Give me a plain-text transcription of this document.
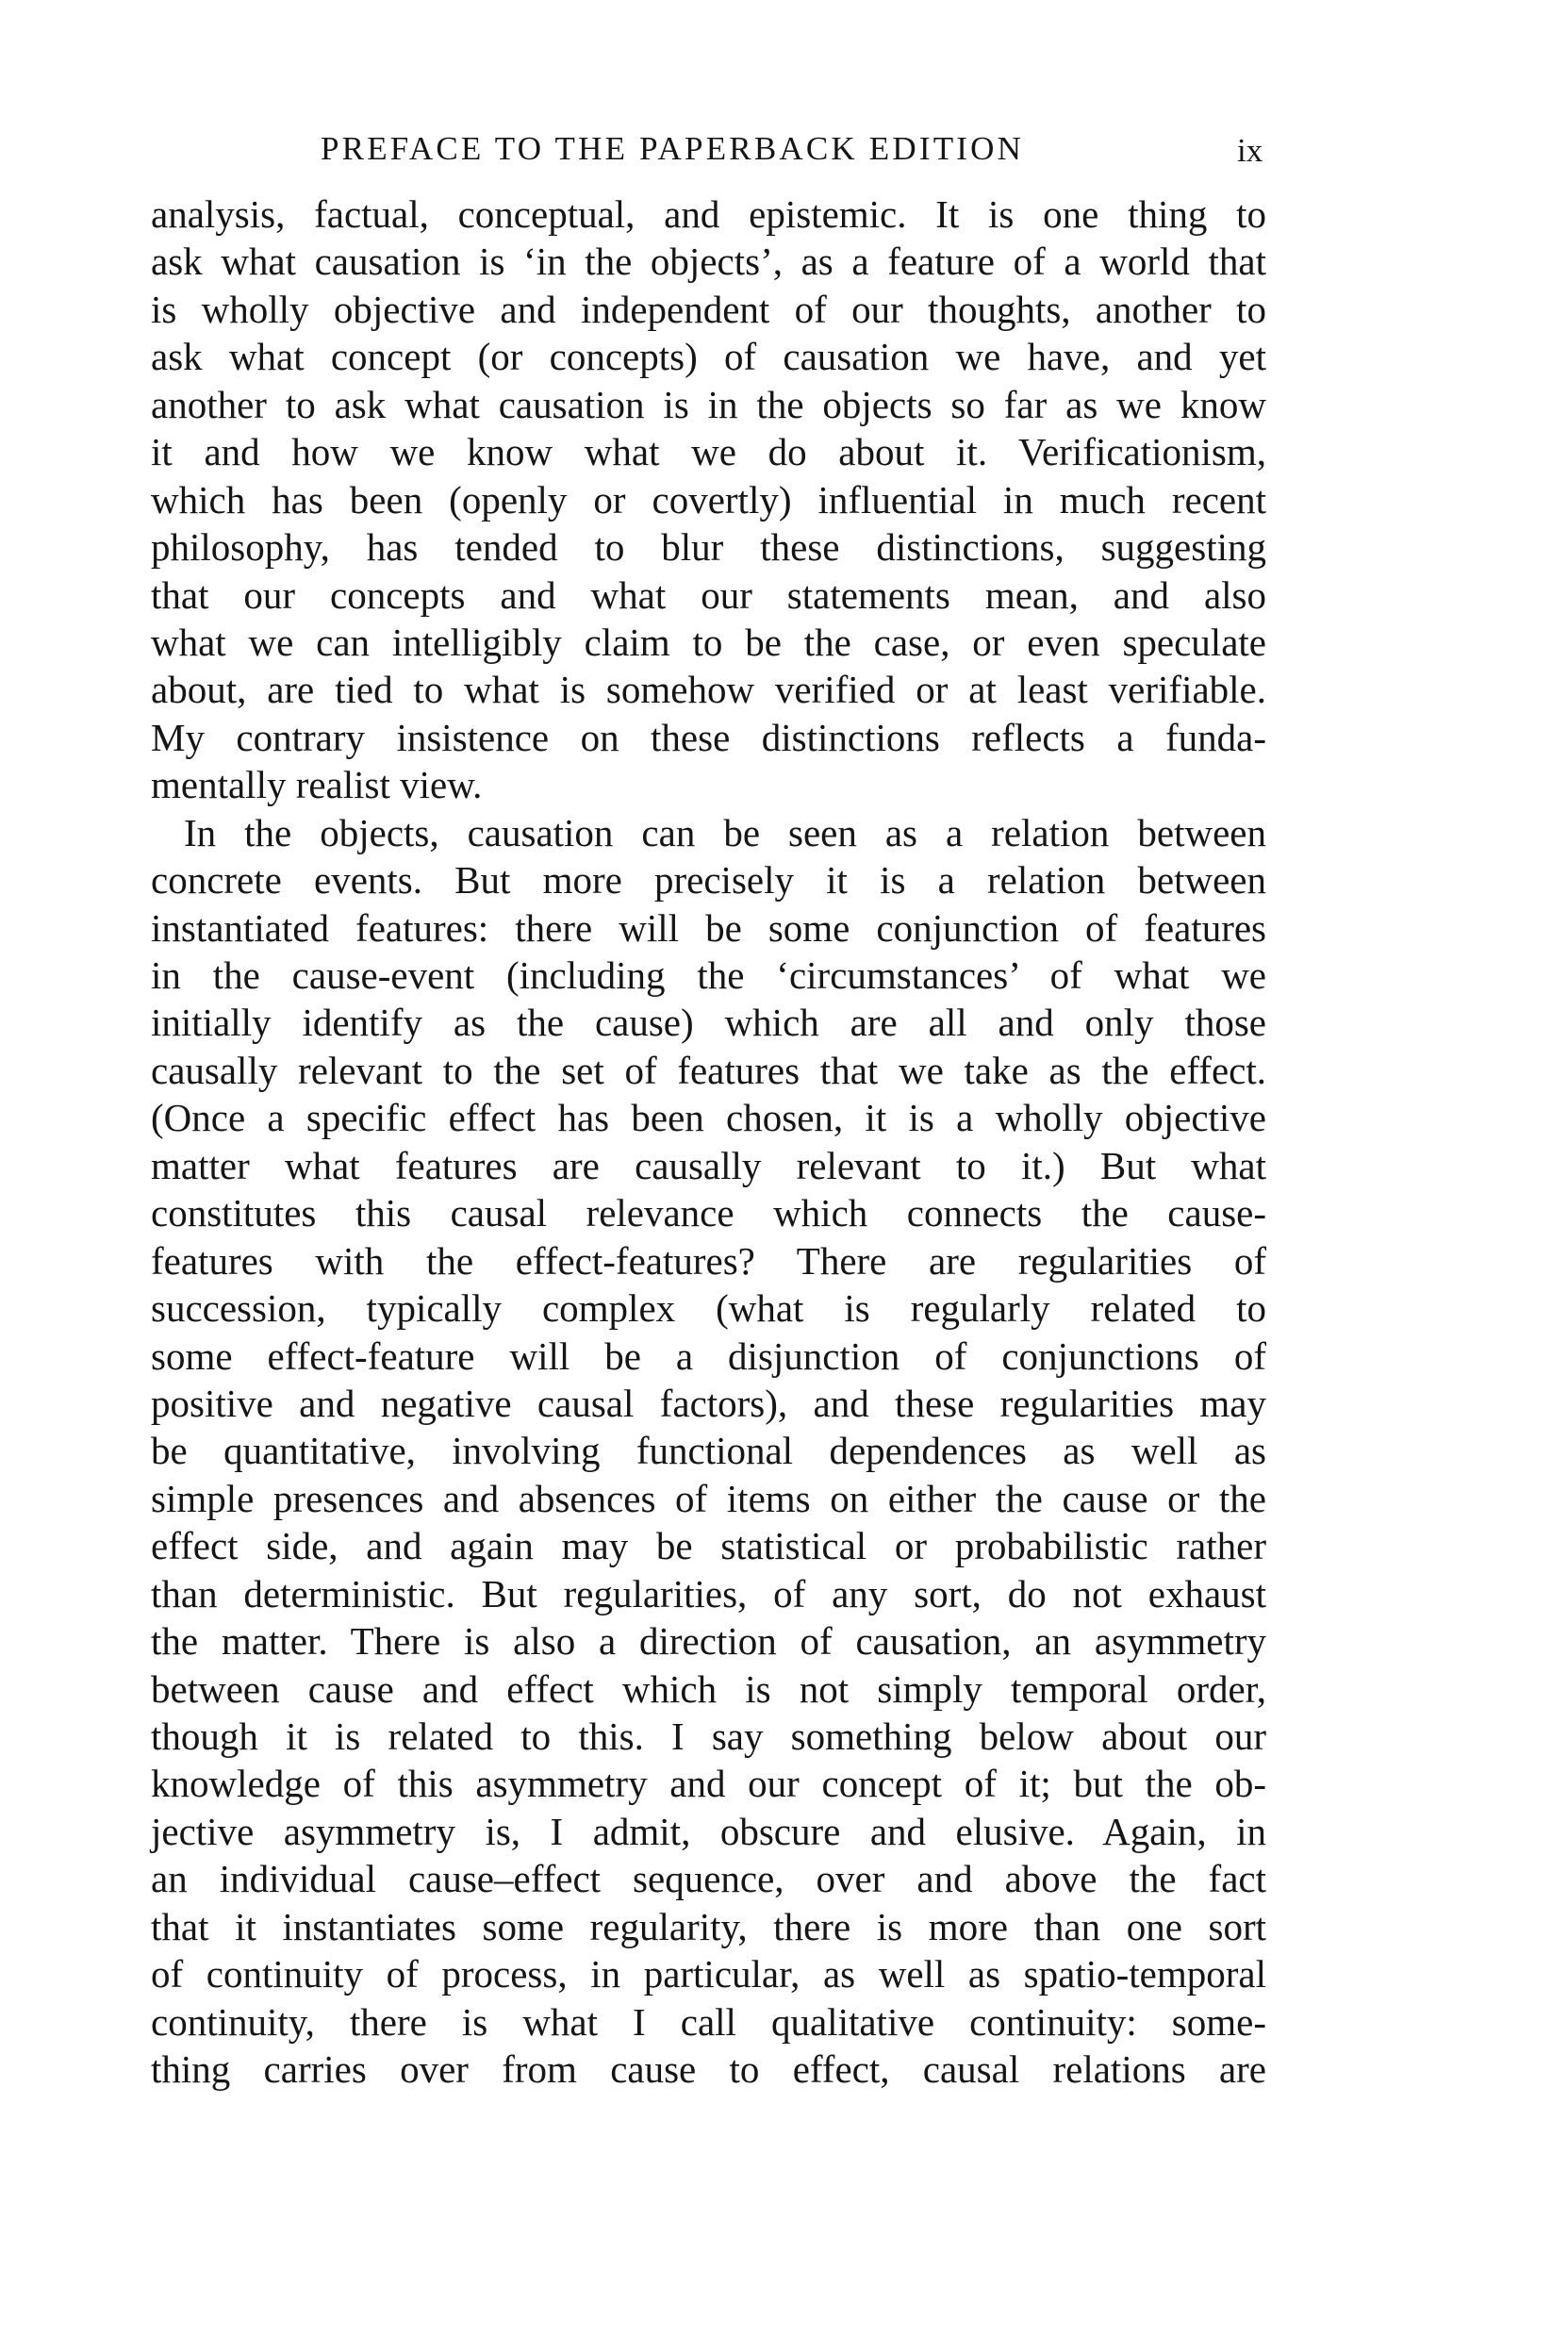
PREFACE TO THE PAPERBACK EDITION	ix
analysis, factual, conceptual, and epistemic. It is one thing to
ask what causation is ‘in the objects’, as a feature of a world that
is wholly objective and independent of our thoughts, another to
ask what concept (or concepts) of causation we have, and yet
another to ask what causation is in the objects so far as we know
it and how we know what we do about it. Verificationism,
which has been (openly or covertly) influential in much recent
philosophy, has tended to blur these distinctions, suggesting
that our concepts and what our statements mean, and also
what we can intelligibly claim to be the case, or even speculate
about, are tied to what is somehow verified or at least verifiable.
My contrary insistence on these distinctions reflects a funda-
mentally realist view.
In the objects, causation can be seen as a relation between
concrete events. But more precisely it is a relation between
instantiated features: there will be some conjunction of features
in the cause-event (including the ‘circumstances’ of what we
initially identify as the cause) which are all and only those
causally relevant to the set of features that we take as the effect.
(Once a specific effect has been chosen, it is a wholly objective
matter what features are causally relevant to it.) But what
constitutes this causal relevance which connects the cause-
features with the effect-features? There are regularities of
succession, typically complex (what is regularly related to
some effect-feature will be a disjunction of conjunctions of
positive and negative causal factors), and these regularities may
be quantitative, involving functional dependences as well as
simple presences and absences of items on either the cause or the
effect side, and again may be statistical or probabilistic rather
than deterministic. But regularities, of any sort, do not exhaust
the matter. There is also a direction of causation, an asymmetry
between cause and effect which is not simply temporal order,
though it is related to this. I say something below about our
knowledge of this asymmetry and our concept of it; but the ob-
jective asymmetry is, I admit, obscure and elusive. Again, in
an individual cause–effect sequence, over and above the fact
that it instantiates some regularity, there is more than one sort
of continuity of process, in particular, as well as spatio-temporal
continuity, there is what I call qualitative continuity: some-
thing carries over from cause to effect, causal relations are
